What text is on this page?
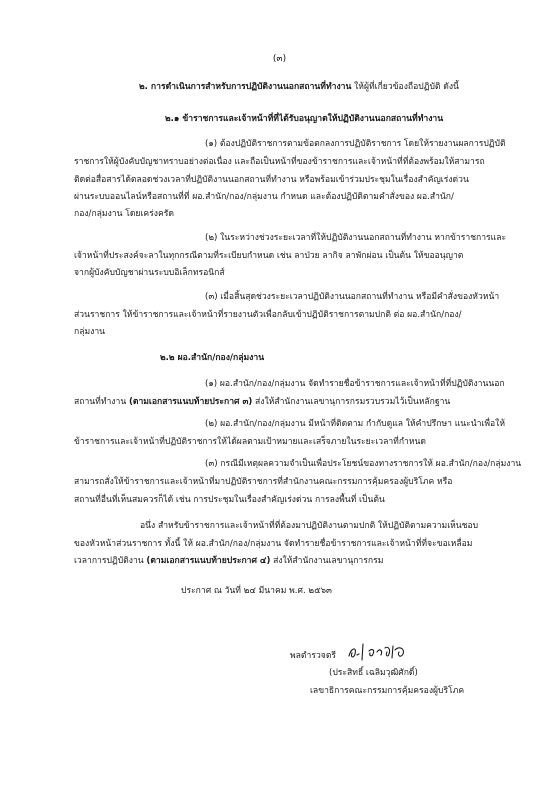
(๓)
๒. การดำเนินการสำหรับการปฏิบัติงานนอกสถานที่ทำงาน ให้ผู้ที่เกี่ยวข้องถือปฏิบัติ ดังนี้
๒.๑ ข้าราชการและเจ้าหน้าที่ที่ได้รับอนุญาตให้ปฏิบัติงานนอกสถานที่ทำงาน
(๑) ต้องปฏิบัติราชการตามข้อตกลงการปฏิบัติราชการ โดยให้รายงานผลการปฏิบัติ
ราชการให้ผู้บังคับบัญชาทราบอย่างต่อเนื่อง และถือเป็นหน้าที่ของข้าราชการและเจ้าหน้าที่ที่ต้องพร้อมให้สามารถ
ติดต่อสื่อสารได้ตลอดช่วงเวลาที่ปฏิบัติงานนอกสถานที่ทำงาน หรือพร้อมเข้าร่วมประชุมในเรื่องสำคัญเร่งด่วน
ผ่านระบบออนไลน์หรือสถานที่ที่ ผอ.สำนัก/กอง/กลุ่มงาน กำหนด และต้องปฏิบัติตามคำสั่งของ ผอ.สำนัก/
กอง/กลุ่มงาน โดยเคร่งครัด
(๒) ในระหว่างช่วงระยะเวลาที่ให้ปฏิบัติงานนอกสถานที่ทำงาน หากข้าราชการและ
เจ้าหน้าที่ประสงค์จะลาในทุกกรณีตามที่ระเบียบกำหนด เช่น ลาป่วย ลากิจ ลาพักผ่อน เป็นต้น ให้ขออนุญาต
จากผู้บังคับบัญชาผ่านระบบอิเล็กทรอนิกส์
(๓) เมื่อสิ้นสุดช่วงระยะเวลาปฏิบัติงานนอกสถานที่ทำงาน หรือมีคำสั่งของหัวหน้า
ส่วนราชการ ให้ข้าราชการและเจ้าหน้าที่รายงานตัวเพื่อกลับเข้าปฏิบัติราชการตามปกติ ต่อ ผอ.สำนัก/กอง/
กลุ่มงาน
๒.๒ ผอ.สำนัก/กอง/กลุ่มงาน
(๑) ผอ.สำนัก/กอง/กลุ่มงาน จัดทำรายชื่อข้าราชการและเจ้าหน้าที่ที่ปฏิบัติงานนอก
สถานที่ทำงาน (ตามเอกสารแนบท้ายประกาศ ๓) ส่งให้สำนักงานเลขานุการกรมรวบรวมไว้เป็นหลักฐาน
(๒) ผอ.สำนัก/กอง/กลุ่มงาน มีหน้าที่ติดตาม กำกับดูแล ให้คำปรึกษา แนะนำเพื่อให้
ข้าราชการและเจ้าหน้าที่ปฏิบัติราชการให้ได้ผลตามเป้าหมายและเสร็จภายในระยะเวลาที่กำหนด
(๓) กรณีมีเหตุผลความจำเป็นเพื่อประโยชน์ของทางราชการให้ ผอ.สำนัก/กอง/กลุ่มงาน
สามารถสั่งให้ข้าราชการและเจ้าหน้าที่มาปฏิบัติราชการที่สำนักงานคณะกรรมการคุ้มครองผู้บริโภค หรือ
สถานที่อื่นที่เห็นสมควรก็ได้ เช่น การประชุมในเรื่องสำคัญเร่งด่วน การลงพื้นที่ เป็นต้น
อนึ่ง สำหรับข้าราชการและเจ้าหน้าที่ที่ต้องมาปฏิบัติงานตามปกติ ให้ปฏิบัติตามความเห็นชอบ
ของหัวหน้าส่วนราชการ ทั้งนี้ ให้ ผอ.สำนัก/กอง/กลุ่มงาน จัดทำรายชื่อข้าราชการและเจ้าหน้าที่ที่จะขอเหลื่อม
เวลาการปฏิบัติงาน (ตามเอกสารแนบท้ายประกาศ ๔) ส่งให้สำนักงานเลขานุการกรม
ประกาศ ณ วันที่ ๒๔ มีนาคม พ.ศ. ๒๕๖๓
พลตำรวจตรี
(ประสิทธิ์ เฉลิมวุฒิศักดิ์)
เลขาธิการคณะกรรมการคุ้มครองผู้บริโภค
